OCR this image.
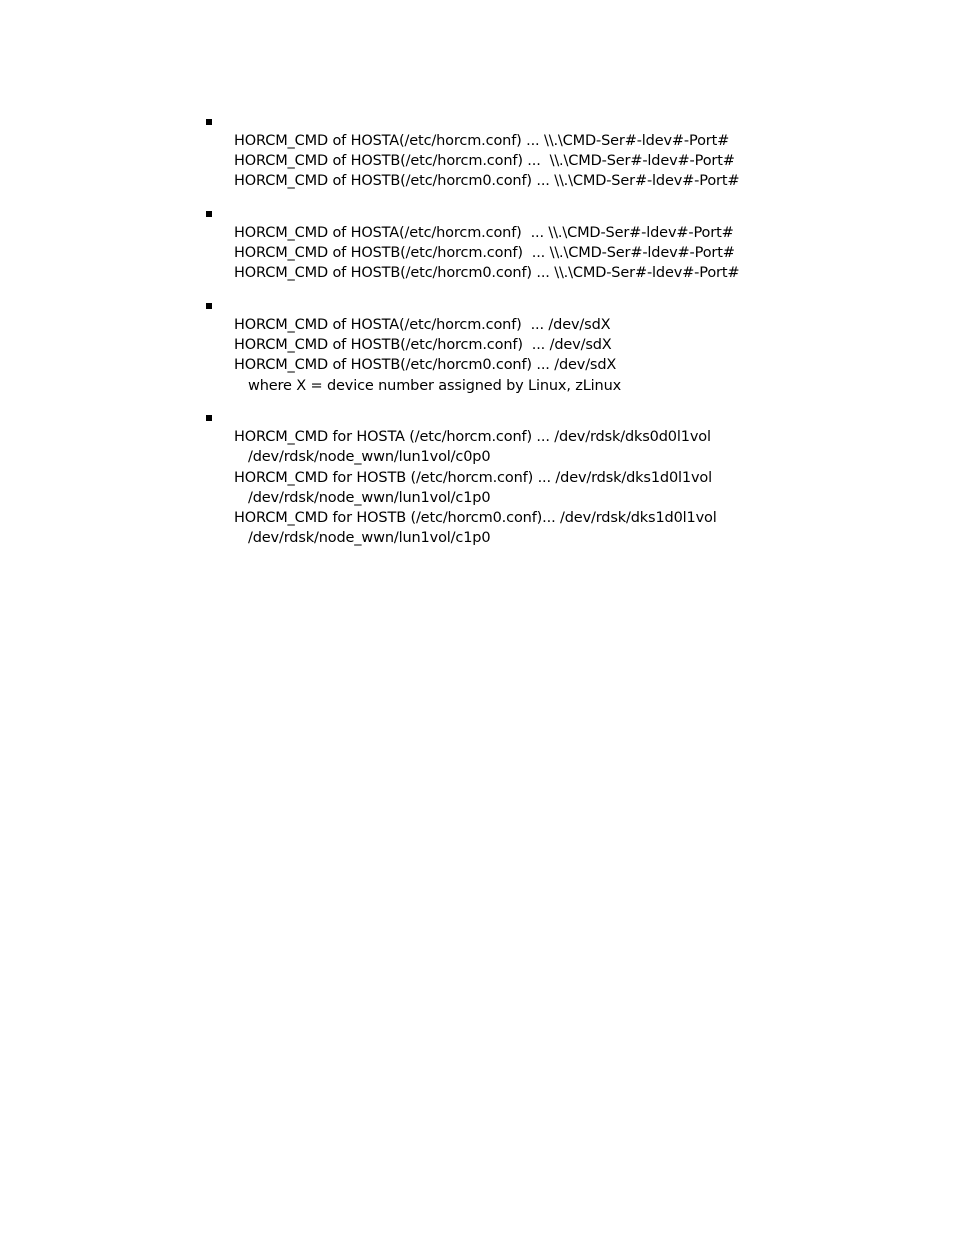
HORCM_CMD of HOSTA(/etc/horcm.conf) ... \\.\CMD-Ser#-ldev#-Port#
HORCM_CMD of HOSTB(/etc/horcm.conf) ...  \\.\CMD-Ser#-ldev#-Port#
HORCM_CMD of HOSTB(/etc/horcm0.conf) ... \\.\CMD-Ser#-ldev#-Port#
HORCM_CMD of HOSTA(/etc/horcm.conf)  ... \\.\CMD-Ser#-ldev#-Port#
HORCM_CMD of HOSTB(/etc/horcm.conf)  ... \\.\CMD-Ser#-ldev#-Port#
HORCM_CMD of HOSTB(/etc/horcm0.conf) ... \\.\CMD-Ser#-ldev#-Port#
HORCM_CMD of HOSTA(/etc/horcm.conf)  ... /dev/sdX
HORCM_CMD of HOSTB(/etc/horcm.conf)  ... /dev/sdX
HORCM_CMD of HOSTB(/etc/horcm0.conf) ... /dev/sdX
where X = device number assigned by Linux, zLinux
HORCM_CMD for HOSTA (/etc/horcm.conf) ... /dev/rdsk/dks0d0l1vol
/dev/rdsk/node_wwn/lun1vol/c0p0
HORCM_CMD for HOSTB (/etc/horcm.conf) ... /dev/rdsk/dks1d0l1vol
/dev/rdsk/node_wwn/lun1vol/c1p0
HORCM_CMD for HOSTB (/etc/horcm0.conf)... /dev/rdsk/dks1d0l1vol
/dev/rdsk/node_wwn/lun1vol/c1p0
